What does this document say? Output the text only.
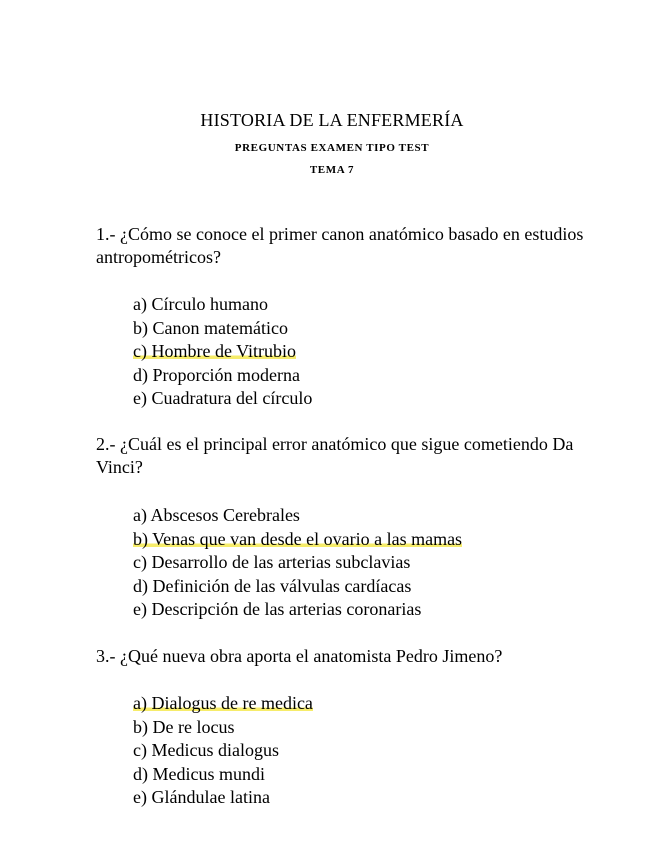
HISTORIA DE LA ENFERMERÍA
PREGUNTAS EXAMEN TIPO TEST
TEMA 7
1.- ¿Cómo se conoce el primer canon anatómico basado en estudios antropométricos?
a) Círculo humano
b) Canon matemático
c) Hombre de Vitrubio
d) Proporción moderna
e) Cuadratura del círculo
2.- ¿Cuál es el principal error anatómico que sigue cometiendo Da Vinci?
a) Abscesos Cerebrales
b) Venas que van desde el ovario a las mamas
c) Desarrollo de las arterias subclavias
d) Definición de las válvulas cardíacas
e) Descripción de las arterias coronarias
3.- ¿Qué nueva obra aporta el anatomista Pedro Jimeno?
a) Dialogus de re medica
b) De re locus
c) Medicus dialogus
d) Medicus mundi
e) Glándulae latina
